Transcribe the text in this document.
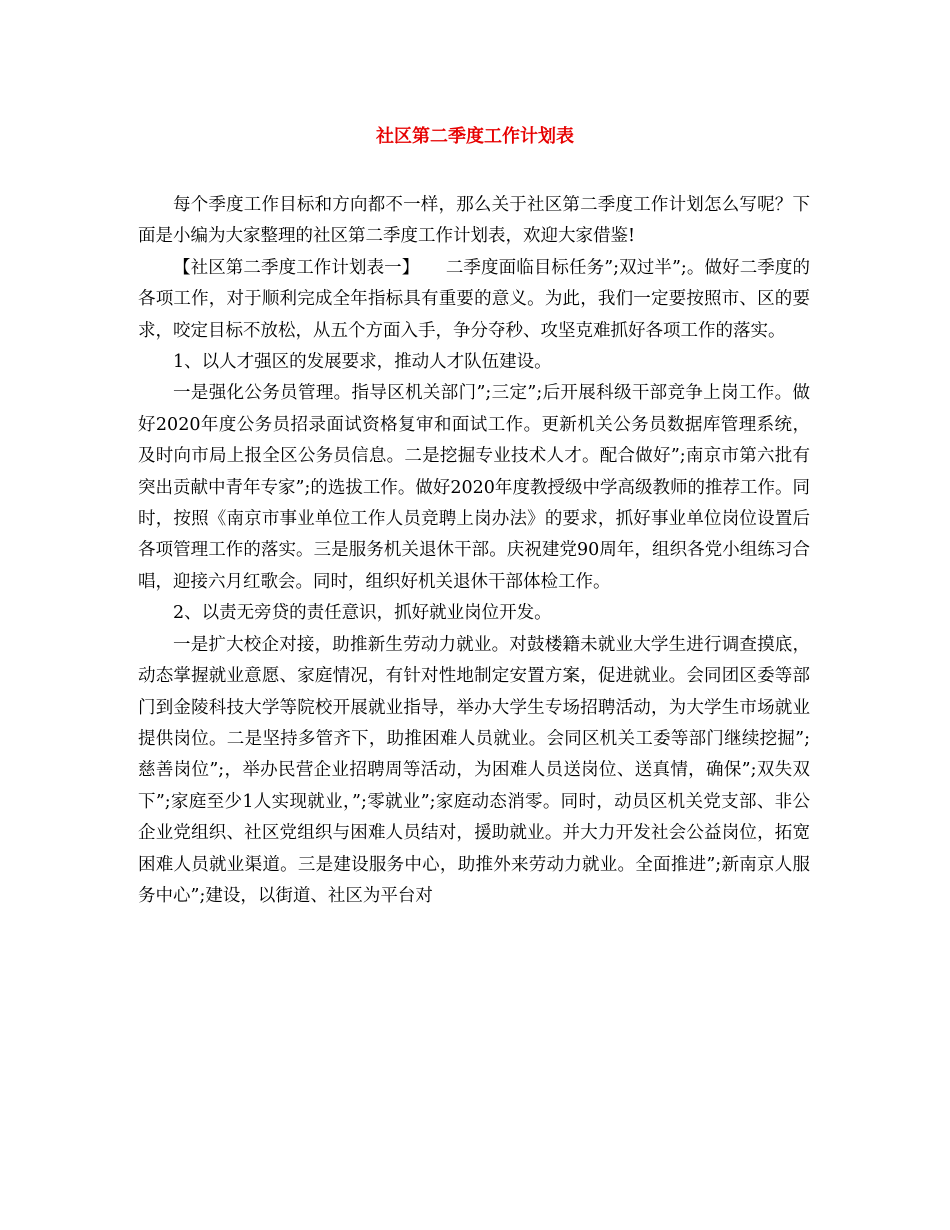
社区第二季度工作计划表

每个季度工作目标和方向都不一样，那么关于社区第二季度工作计划怎么写呢？下面是小编为大家整理的社区第二季度工作计划表，欢迎大家借鉴!

【社区第二季度工作计划表一】　　二季度面临目标任务”;双过半”;。做好二季度的各项工作，对于顺利完成全年指标具有重要的意义。为此，我们一定要按照市、区的要求，咬定目标不放松，从五个方面入手，争分夺秒、攻坚克难抓好各项工作的落实。

1、以人才强区的发展要求，推动人才队伍建设。

一是强化公务员管理。指导区机关部门”;三定”;后开展科级干部竞争上岗工作。做好2020年度公务员招录面试资格复审和面试工作。更新机关公务员数据库管理系统，及时向市局上报全区公务员信息。二是挖掘专业技术人才。配合做好”;南京市第六批有突出贡献中青年专家”;的选拔工作。做好2020年度教授级中学高级教师的推荐工作。同时，按照《南京市事业单位工作人员竞聘上岗办法》的要求，抓好事业单位岗位设置后各项管理工作的落实。三是服务机关退休干部。庆祝建党90周年，组织各党小组练习合唱，迎接六月红歌会。同时，组织好机关退休干部体检工作。

2、以责无旁贷的责任意识，抓好就业岗位开发。

一是扩大校企对接，助推新生劳动力就业。对鼓楼籍未就业大学生进行调查摸底，动态掌握就业意愿、家庭情况，有针对性地制定安置方案，促进就业。会同团区委等部门到金陵科技大学等院校开展就业指导，举办大学生专场招聘活动，为大学生市场就业提供岗位。二是坚持多管齐下，助推困难人员就业。会同区机关工委等部门继续挖掘”;慈善岗位”;，举办民营企业招聘周等活动，为困难人员送岗位、送真情，确保”;双失双下”;家庭至少1人实现就业，”;零就业”;家庭动态消零。同时，动员区机关党支部、非公企业党组织、社区党组织与困难人员结对，援助就业。并大力开发社会公益岗位，拓宽困难人员就业渠道。三是建设服务中心，助推外来劳动力就业。全面推进”;新南京人服务中心”;建设，以街道、社区为平台对
